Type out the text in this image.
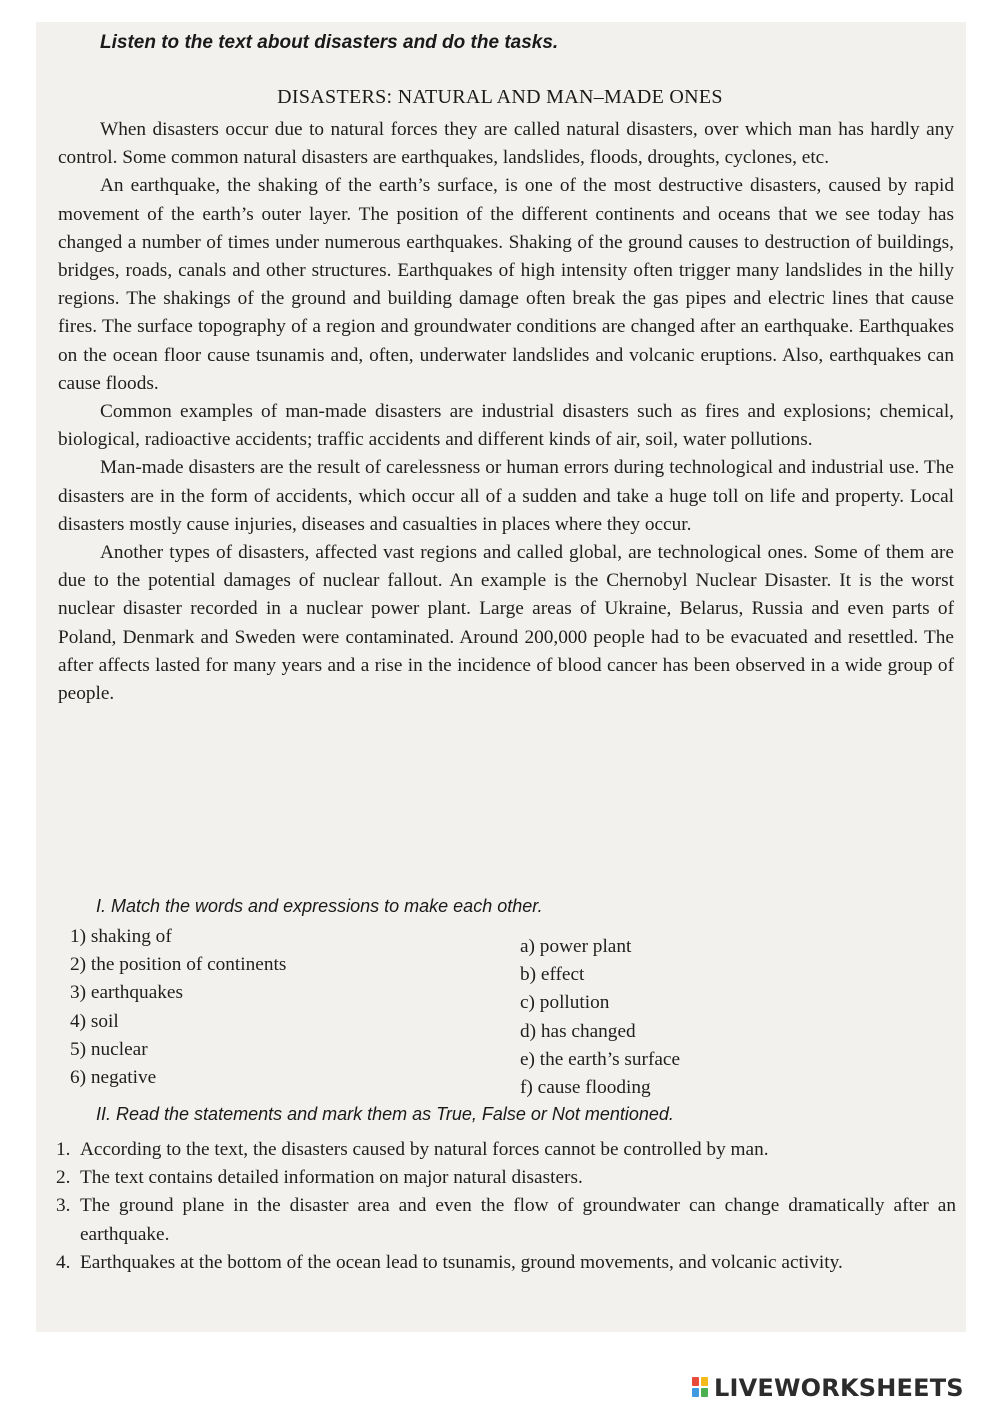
Listen to the text about disasters and do the tasks.
DISASTERS: NATURAL AND MAN–MADE ONES

When disasters occur due to natural forces they are called natural disasters, over which man has hardly any control. Some common natural disasters are earthquakes, landslides, floods, droughts, cyclones, etc.

An earthquake, the shaking of the earth’s surface, is one of the most destructive disasters, caused by rapid movement of the earth’s outer layer. The position of the different continents and oceans that we see today has changed a number of times under numerous earthquakes. Shaking of the ground causes to destruction of buildings, bridges, roads, canals and other structures. Earthquakes of high intensity often trigger many landslides in the hilly regions. The shakings of the ground and building damage often break the gas pipes and electric lines that cause fires. The surface topography of a region and groundwater conditions are changed after an earthquake. Earthquakes on the ocean floor cause tsunamis and, often, underwater landslides and volcanic eruptions. Also, earthquakes can cause floods.

Common examples of man-made disasters are industrial disasters such as fires and explosions; chemical, biological, radioactive accidents; traffic accidents and different kinds of air, soil, water pollutions.

Man-made disasters are the result of carelessness or human errors during technological and industrial use. The disasters are in the form of accidents, which occur all of a sudden and take a huge toll on life and property. Local disasters mostly cause injuries, diseases and casualties in places where they occur.

Another types of disasters, affected vast regions and called global, are technological ones. Some of them are due to the potential damages of nuclear fallout. An example is the Chernobyl Nuclear Disaster. It is the worst nuclear disaster recorded in a nuclear power plant. Large areas of Ukraine, Belarus, Russia and even parts of Poland, Denmark and Sweden were contaminated. Around 200,000 people had to be evacuated and resettled. The after affects lasted for many years and a rise in the incidence of blood cancer has been observed in a wide group of people.

I. Match the words and expressions to make each other.
1) shaking of	a) power plant
2) the position of continents	b) effect
3) earthquakes	c) pollution
4) soil	d) has changed
5) nuclear	e) the earth’s surface
6) negative	f) cause flooding
II. Read the statements and mark them as True, False or Not mentioned.
1. According to the text, the disasters caused by natural forces cannot be controlled by man.
2. The text contains detailed information on major natural disasters.
3. The ground plane in the disaster area and even the flow of groundwater can change dramatically after an earthquake.
4. Earthquakes at the bottom of the ocean lead to tsunamis, ground movements, and volcanic activity.
LIVEWORKSHEETS
